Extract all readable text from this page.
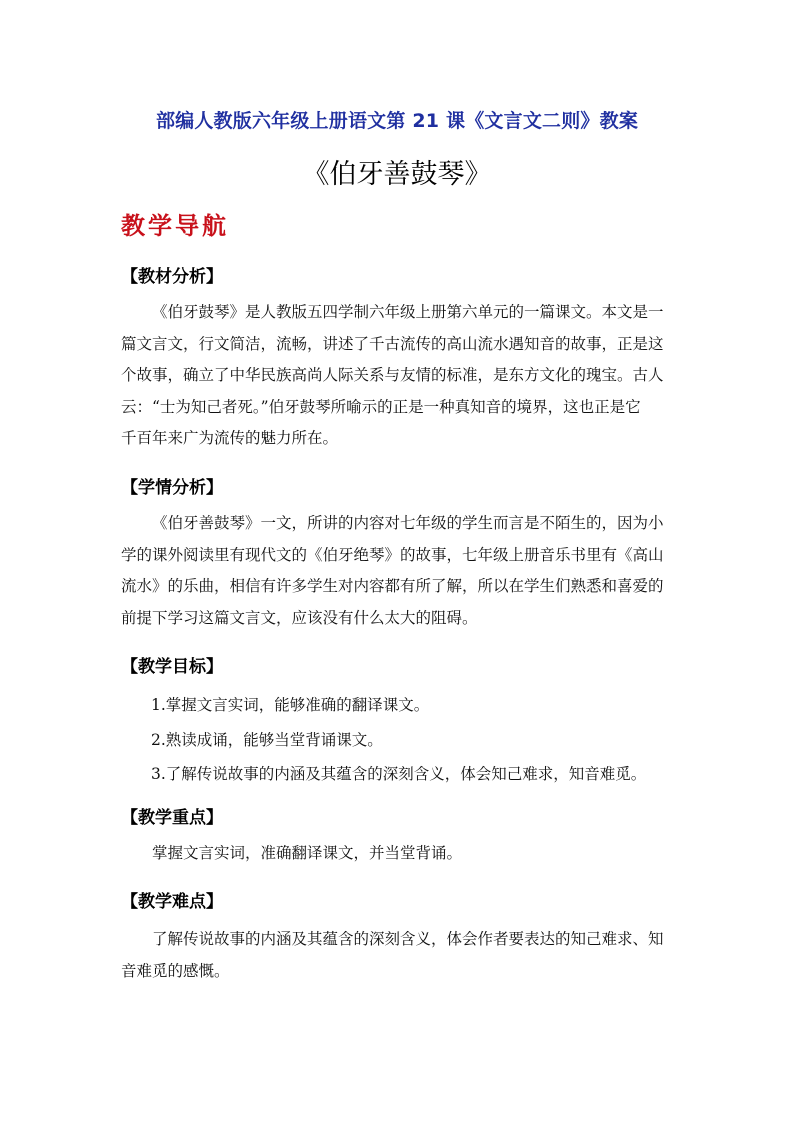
部编人教版六年级上册语文第 21 课《文言文二则》教案
《伯牙善鼓琴》
教学导航
【教材分析】
《伯牙鼓琴》是人教版五四学制六年级上册第六单元的一篇课文。本文是一
篇文言文，行文简洁，流畅，讲述了千古流传的高山流水遇知音的故事，正是这
个故事，确立了中华民族高尚人际关系与友情的标准，是东方文化的瑰宝。古人
云：“士为知己者死。”伯牙鼓琴所喻示的正是一种真知音的境界，这也正是它
千百年来广为流传的魅力所在。
【学情分析】
《伯牙善鼓琴》一文，所讲的内容对七年级的学生而言是不陌生的，因为小
学的课外阅读里有现代文的《伯牙绝琴》的故事，七年级上册音乐书里有《高山
流水》的乐曲，相信有许多学生对内容都有所了解，所以在学生们熟悉和喜爱的
前提下学习这篇文言文，应该没有什么太大的阻碍。
【教学目标】
1.掌握文言实词，能够准确的翻译课文。
2.熟读成诵，能够当堂背诵课文。
3.了解传说故事的内涵及其蕴含的深刻含义，体会知己难求，知音难觅。
【教学重点】
掌握文言实词，准确翻译课文，并当堂背诵。
【教学难点】
了解传说故事的内涵及其蕴含的深刻含义，体会作者要表达的知己难求、知
音难觅的感慨。
